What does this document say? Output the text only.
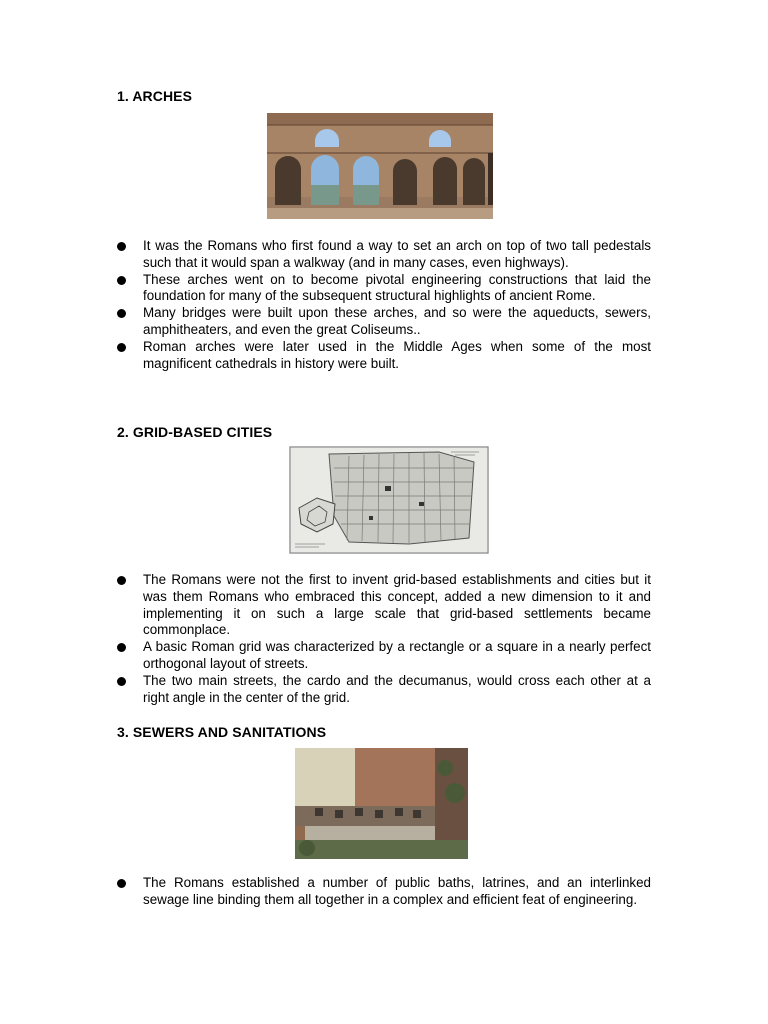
1. ARCHES
It was the Romans who first found a way to set an arch on top of two tall pedestals such that it would span a walkway (and in many cases, even highways).
These arches went on to become pivotal engineering constructions that laid the foundation for many of the subsequent structural highlights of ancient Rome.
Many bridges were built upon these arches, and so were the aqueducts, sewers, amphitheaters, and even the great Coliseums..
Roman arches were later used in the Middle Ages when some of the most magnificent cathedrals in history were built.
2. GRID-BASED CITIES
The Romans were not the first to invent grid-based establishments and cities but it was them Romans who embraced this concept, added a new dimension to it and implementing it on such a large scale that grid-based settlements became commonplace.
A basic Roman grid was characterized by a rectangle or a square in a nearly perfect orthogonal layout of streets.
The two main streets, the cardo and the decumanus, would cross each other at a right angle in the center of the grid.
3. SEWERS AND SANITATIONS
The Romans established a number of public baths, latrines, and an interlinked sewage line binding them all together in a complex and efficient feat of engineering.
